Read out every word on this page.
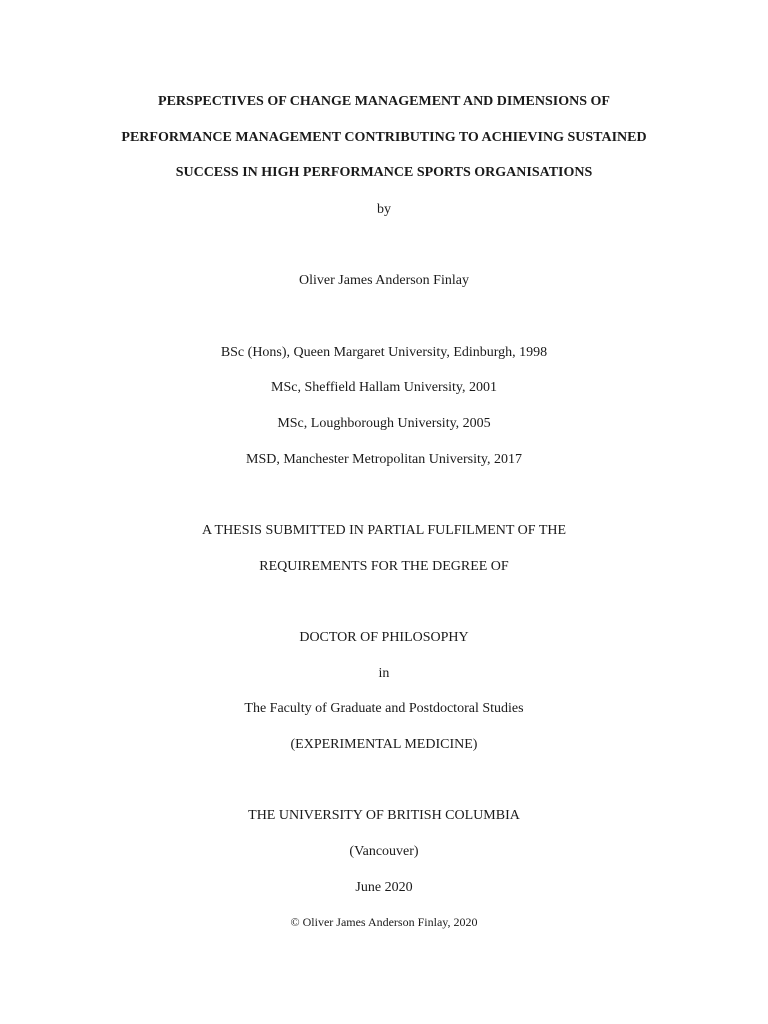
PERSPECTIVES OF CHANGE MANAGEMENT AND DIMENSIONS OF
PERFORMANCE MANAGEMENT CONTRIBUTING TO ACHIEVING SUSTAINED
SUCCESS IN HIGH PERFORMANCE SPORTS ORGANISATIONS
by
Oliver James Anderson Finlay
BSc (Hons), Queen Margaret University, Edinburgh, 1998
MSc, Sheffield Hallam University, 2001
MSc, Loughborough University, 2005
MSD, Manchester Metropolitan University, 2017
A THESIS SUBMITTED IN PARTIAL FULFILMENT OF THE
REQUIREMENTS FOR THE DEGREE OF
DOCTOR OF PHILOSOPHY
in
The Faculty of Graduate and Postdoctoral Studies
(EXPERIMENTAL MEDICINE)
THE UNIVERSITY OF BRITISH COLUMBIA
(Vancouver)
June 2020
© Oliver James Anderson Finlay, 2020
